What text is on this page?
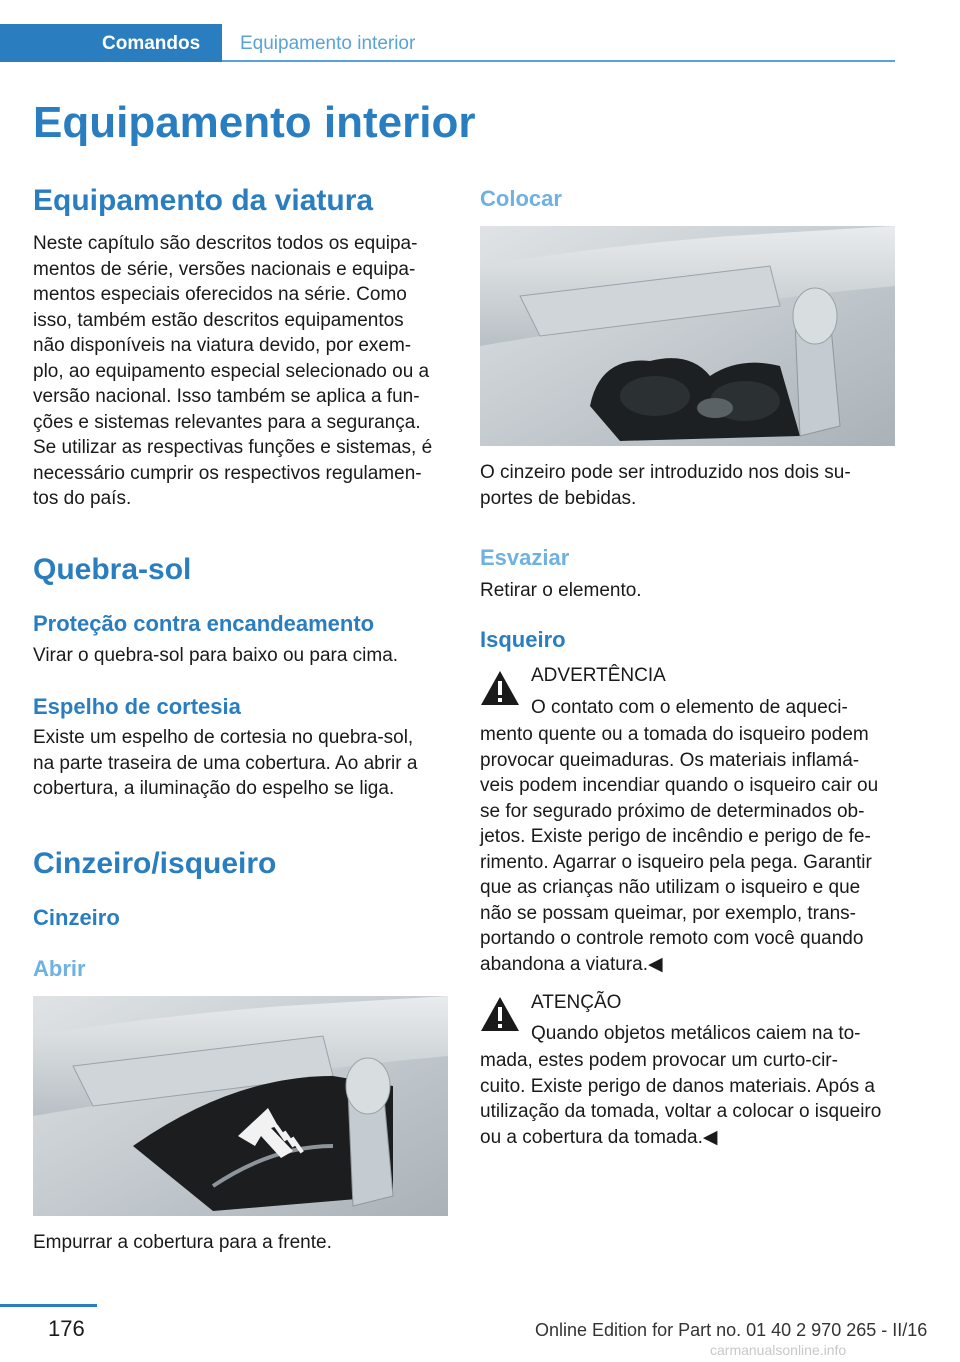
Comandos Equipamento interior
Equipamento interior
Equipamento da viatura
Neste capítulo são descritos todos os equipa-
mentos de série, versões nacionais e equipa-
mentos especiais oferecidos na série. Como
isso, também estão descritos equipamentos
não disponíveis na viatura devido, por exem-
plo, ao equipamento especial selecionado ou a
versão nacional. Isso também se aplica a fun-
ções e sistemas relevantes para a segurança.
Se utilizar as respectivas funções e sistemas, é
necessário cumprir os respectivos regulamen-
tos do país.
Quebra-sol
Proteção contra encandeamento
Virar o quebra-sol para baixo ou para cima.
Espelho de cortesia
Existe um espelho de cortesia no quebra-sol,
na parte traseira de uma cobertura. Ao abrir a
cobertura, a iluminação do espelho se liga.
Cinzeiro/isqueiro
Cinzeiro
Abrir
Empurrar a cobertura para a frente.
Colocar
O cinzeiro pode ser introduzido nos dois su-
portes de bebidas.
Esvaziar
Retirar o elemento.
Isqueiro
ADVERTÊNCIA
O contato com o elemento de aqueci-
mento quente ou a tomada do isqueiro podem
provocar queimaduras. Os materiais inflamá-
veis podem incendiar quando o isqueiro cair ou
se for segurado próximo de determinados ob-
jetos. Existe perigo de incêndio e perigo de fe-
rimento. Agarrar o isqueiro pela pega. Garantir
que as crianças não utilizam o isqueiro e que
não se possam queimar, por exemplo, trans-
portando o controle remoto com você quando
abandona a viatura.◀
ATENÇÃO
Quando objetos metálicos caiem na to-
mada, estes podem provocar um curto-cir-
cuito. Existe perigo de danos materiais. Após a
utilização da tomada, voltar a colocar o isqueiro
ou a cobertura da tomada.◀
176	Online Edition for Part no. 01 40 2 970 265 - II/16
carmanualsonline.info
